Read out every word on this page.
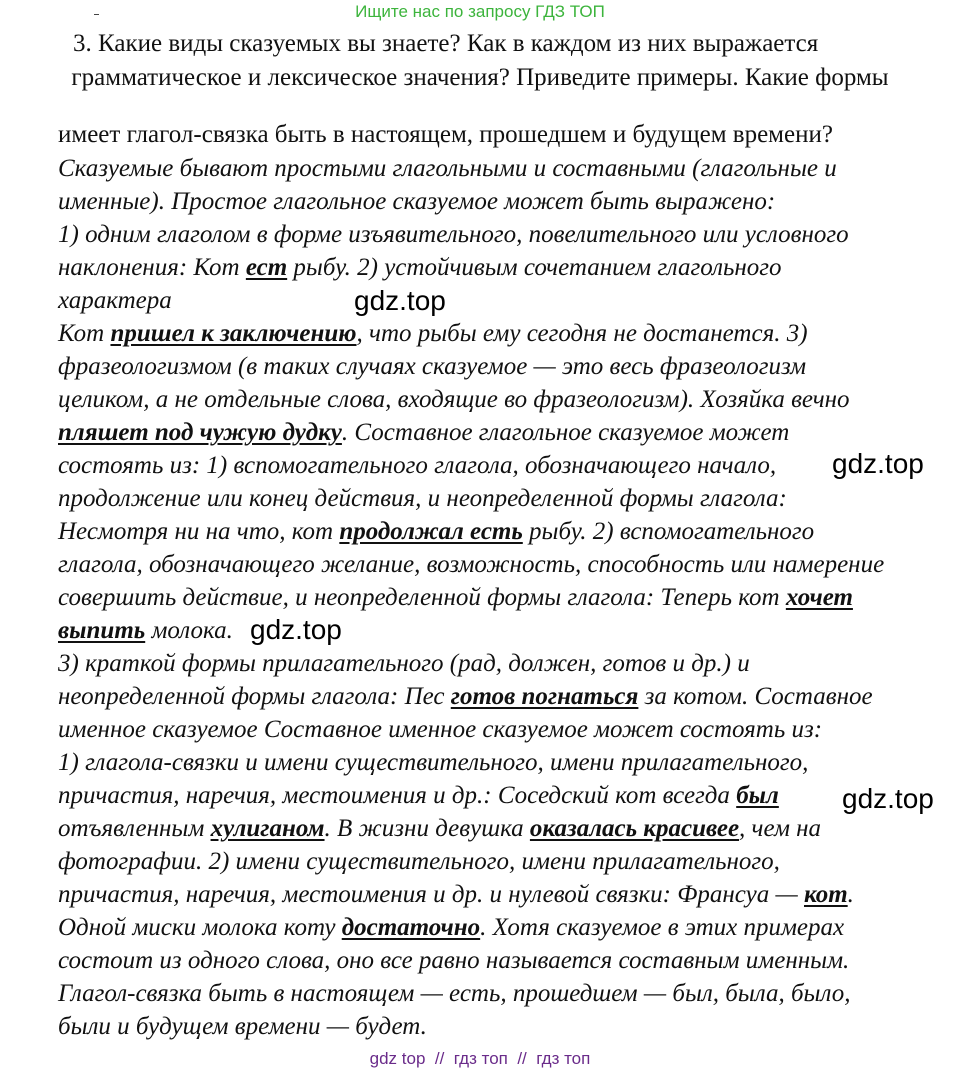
Ищите нас по запросу ГДЗ ТОП
3. Какие виды сказуемых вы знаете? Как в каждом из них выражается
грамматическое и лексическое значения? Приведите примеры. Какие формы
имеет глагол-связка быть в настоящем, прошедшем и будущем времени?
Сказуемые бывают простыми глагольными и составными (глагольные и
именные). Простое глагольное сказуемое может быть выражено:
1) одним глаголом в форме изъявительного, повелительного или условного
наклонения: Кот ест рыбу. 2) устойчивым сочетанием глагольного
характера
Кот пришел к заключению, что рыбы ему сегодня не достанется. 3)
фразеологизмом (в таких случаях сказуемое — это весь фразеологизм
целиком, а не отдельные слова, входящие во фразеологизм). Хозяйка вечно
пляшет под чужую дудку. Составное глагольное сказуемое может
состоять из: 1) вспомогательного глагола, обозначающего начало,
продолжение или конец действия, и неопределенной формы глагола:
Несмотря ни на что, кот продолжал есть рыбу. 2) вспомогательного
глагола, обозначающего желание, возможность, способность или намерение
совершить действие, и неопределенной формы глагола: Теперь кот хочет
выпить молока.
3) краткой формы прилагательного (рад, должен, готов и др.) и
неопределенной формы глагола: Пес готов погнаться за котом. Составное
именное сказуемое Составное именное сказуемое может состоять из:
1) глагола-связки и имени существительного, имени прилагательного,
причастия, наречия, местоимения и др.: Соседский кот всегда был
отъявленным хулиганом. В жизни девушка оказалась красивее, чем на
фотографии. 2) имени существительного, имени прилагательного,
причастия, наречия, местоимения и др. и нулевой связки: Франсуа — кот.
Одной миски молока коту достаточно. Хотя сказуемое в этих примерах
состоит из одного слова, оно все равно называется составным именным.
Глагол-связка быть в настоящем — есть, прошедшем — был, была, было,
были и будущем времени — будет.
gdz.top
gdz.top
gdz.top
gdz.top
gdz top  //  гдз топ  //  гдз топ
